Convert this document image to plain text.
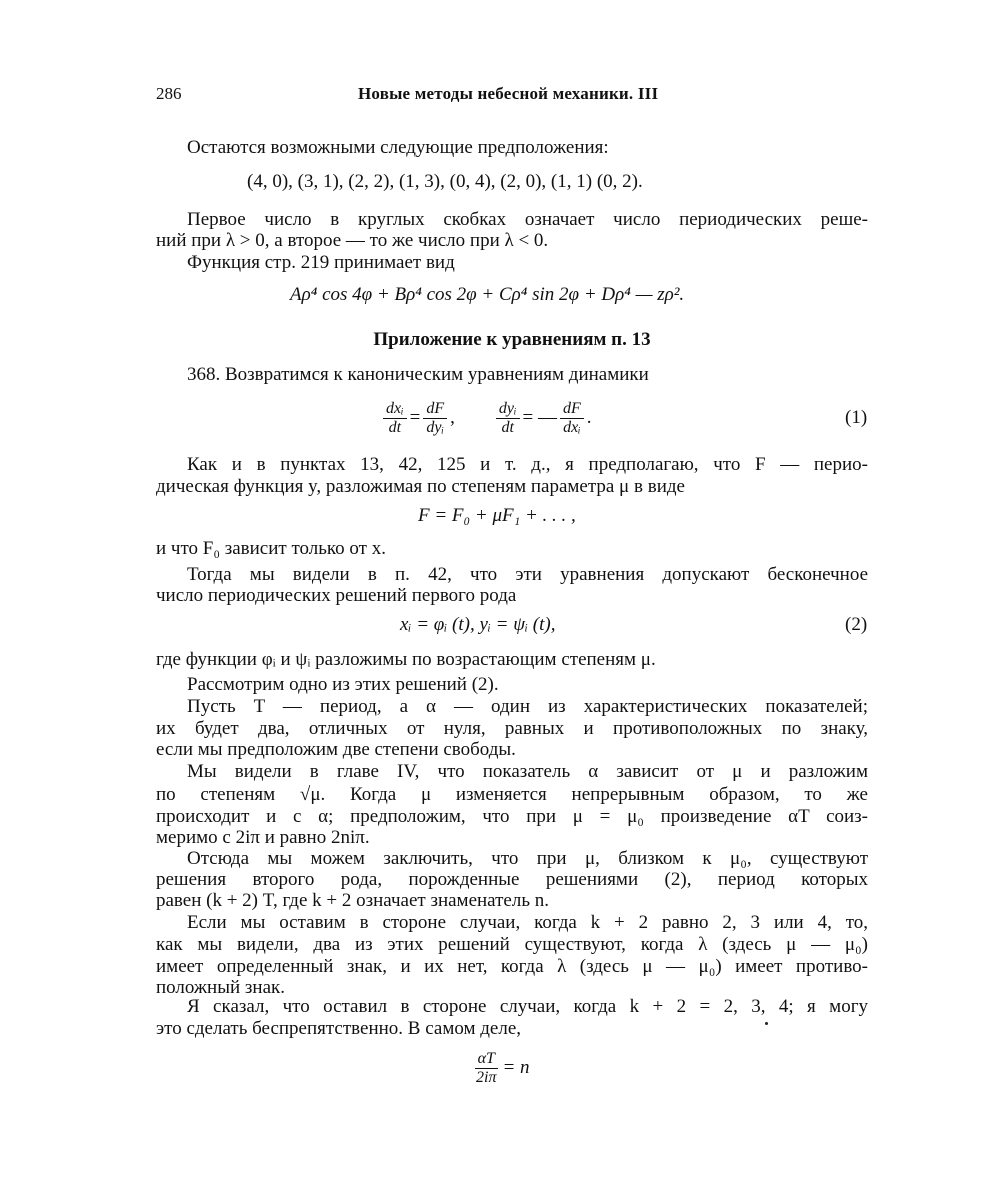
286	Новые методы небесной механики. III
Остаются возможными следующие предположения:
(4, 0), (3, 1), (2, 2), (1, 3), (0, 4), (2, 0), (1, 1) (0, 2).
Первое число в круглых скобках означает число периодических реше-
ний при λ > 0, а второе — то же число при λ < 0.
Функция стр. 219 принимает вид
Aρ⁴ cos 4φ + Bρ⁴ cos 2φ + Cρ⁴ sin 2φ + Dρ⁴ — zρ².
Приложение к уравнениям п. 13
368. Возвратимся к каноническим уравнениям динамики
$\frac{\text{dxᵢ}}{dt} = \frac{dF}{\text{dyᵢ}}$ ,	$\frac{\text{dyᵢ}}{dt}$ = — $\frac{dF}{\text{dxᵢ}}$ .	(1)
Как и в пунктах 13, 42, 125 и т. д., я предполагаю, что F — перио-
дическая функция y, разложимая по степеням параметра μ в виде
F = F₀ + μF₁ + . . . ,
и что F₀ зависит только от x.
Тогда мы видели в п. 42, что эти уравнения допускают бесконечное
число периодических решений первого рода
xᵢ = φᵢ (t), yᵢ = ψᵢ (t),	(2)
где функции φᵢ и ψᵢ разложимы по возрастающим степеням μ.
Рассмотрим одно из этих решений (2).
Пусть T — период, а α — один из характеристических показателей;
их будет два, отличных от нуля, равных и противоположных по знаку,
если мы предположим две степени свободы.
Мы видели в главе IV, что показатель α зависит от μ и разложим
по степеням √μ. Когда μ изменяется непрерывным образом, то же
происходит и с α; предположим, что при μ = μ₀ произведение αT соиз-
меримо с 2iπ и равно 2niπ.
Отсюда мы можем заключить, что при μ, близком к μ₀, существуют
решения второго рода, порожденные решениями (2), период которых
равен (k + 2) T, где k + 2 означает знаменатель n.
Если мы оставим в стороне случаи, когда k + 2 равно 2, 3 или 4, то,
как мы видели, два из этих решений существуют, когда λ (здесь μ — μ₀)
имеет определенный знак, и их нет, когда λ (здесь μ — μ₀) имеет противо-
положный знак.
Я сказал, что оставил в стороне случаи, когда k + 2 = 2, 3, 4; я могу
это сделать беспрепятственно. В самом деле,
$\frac{\alpha T}{2i\pi} = n$
